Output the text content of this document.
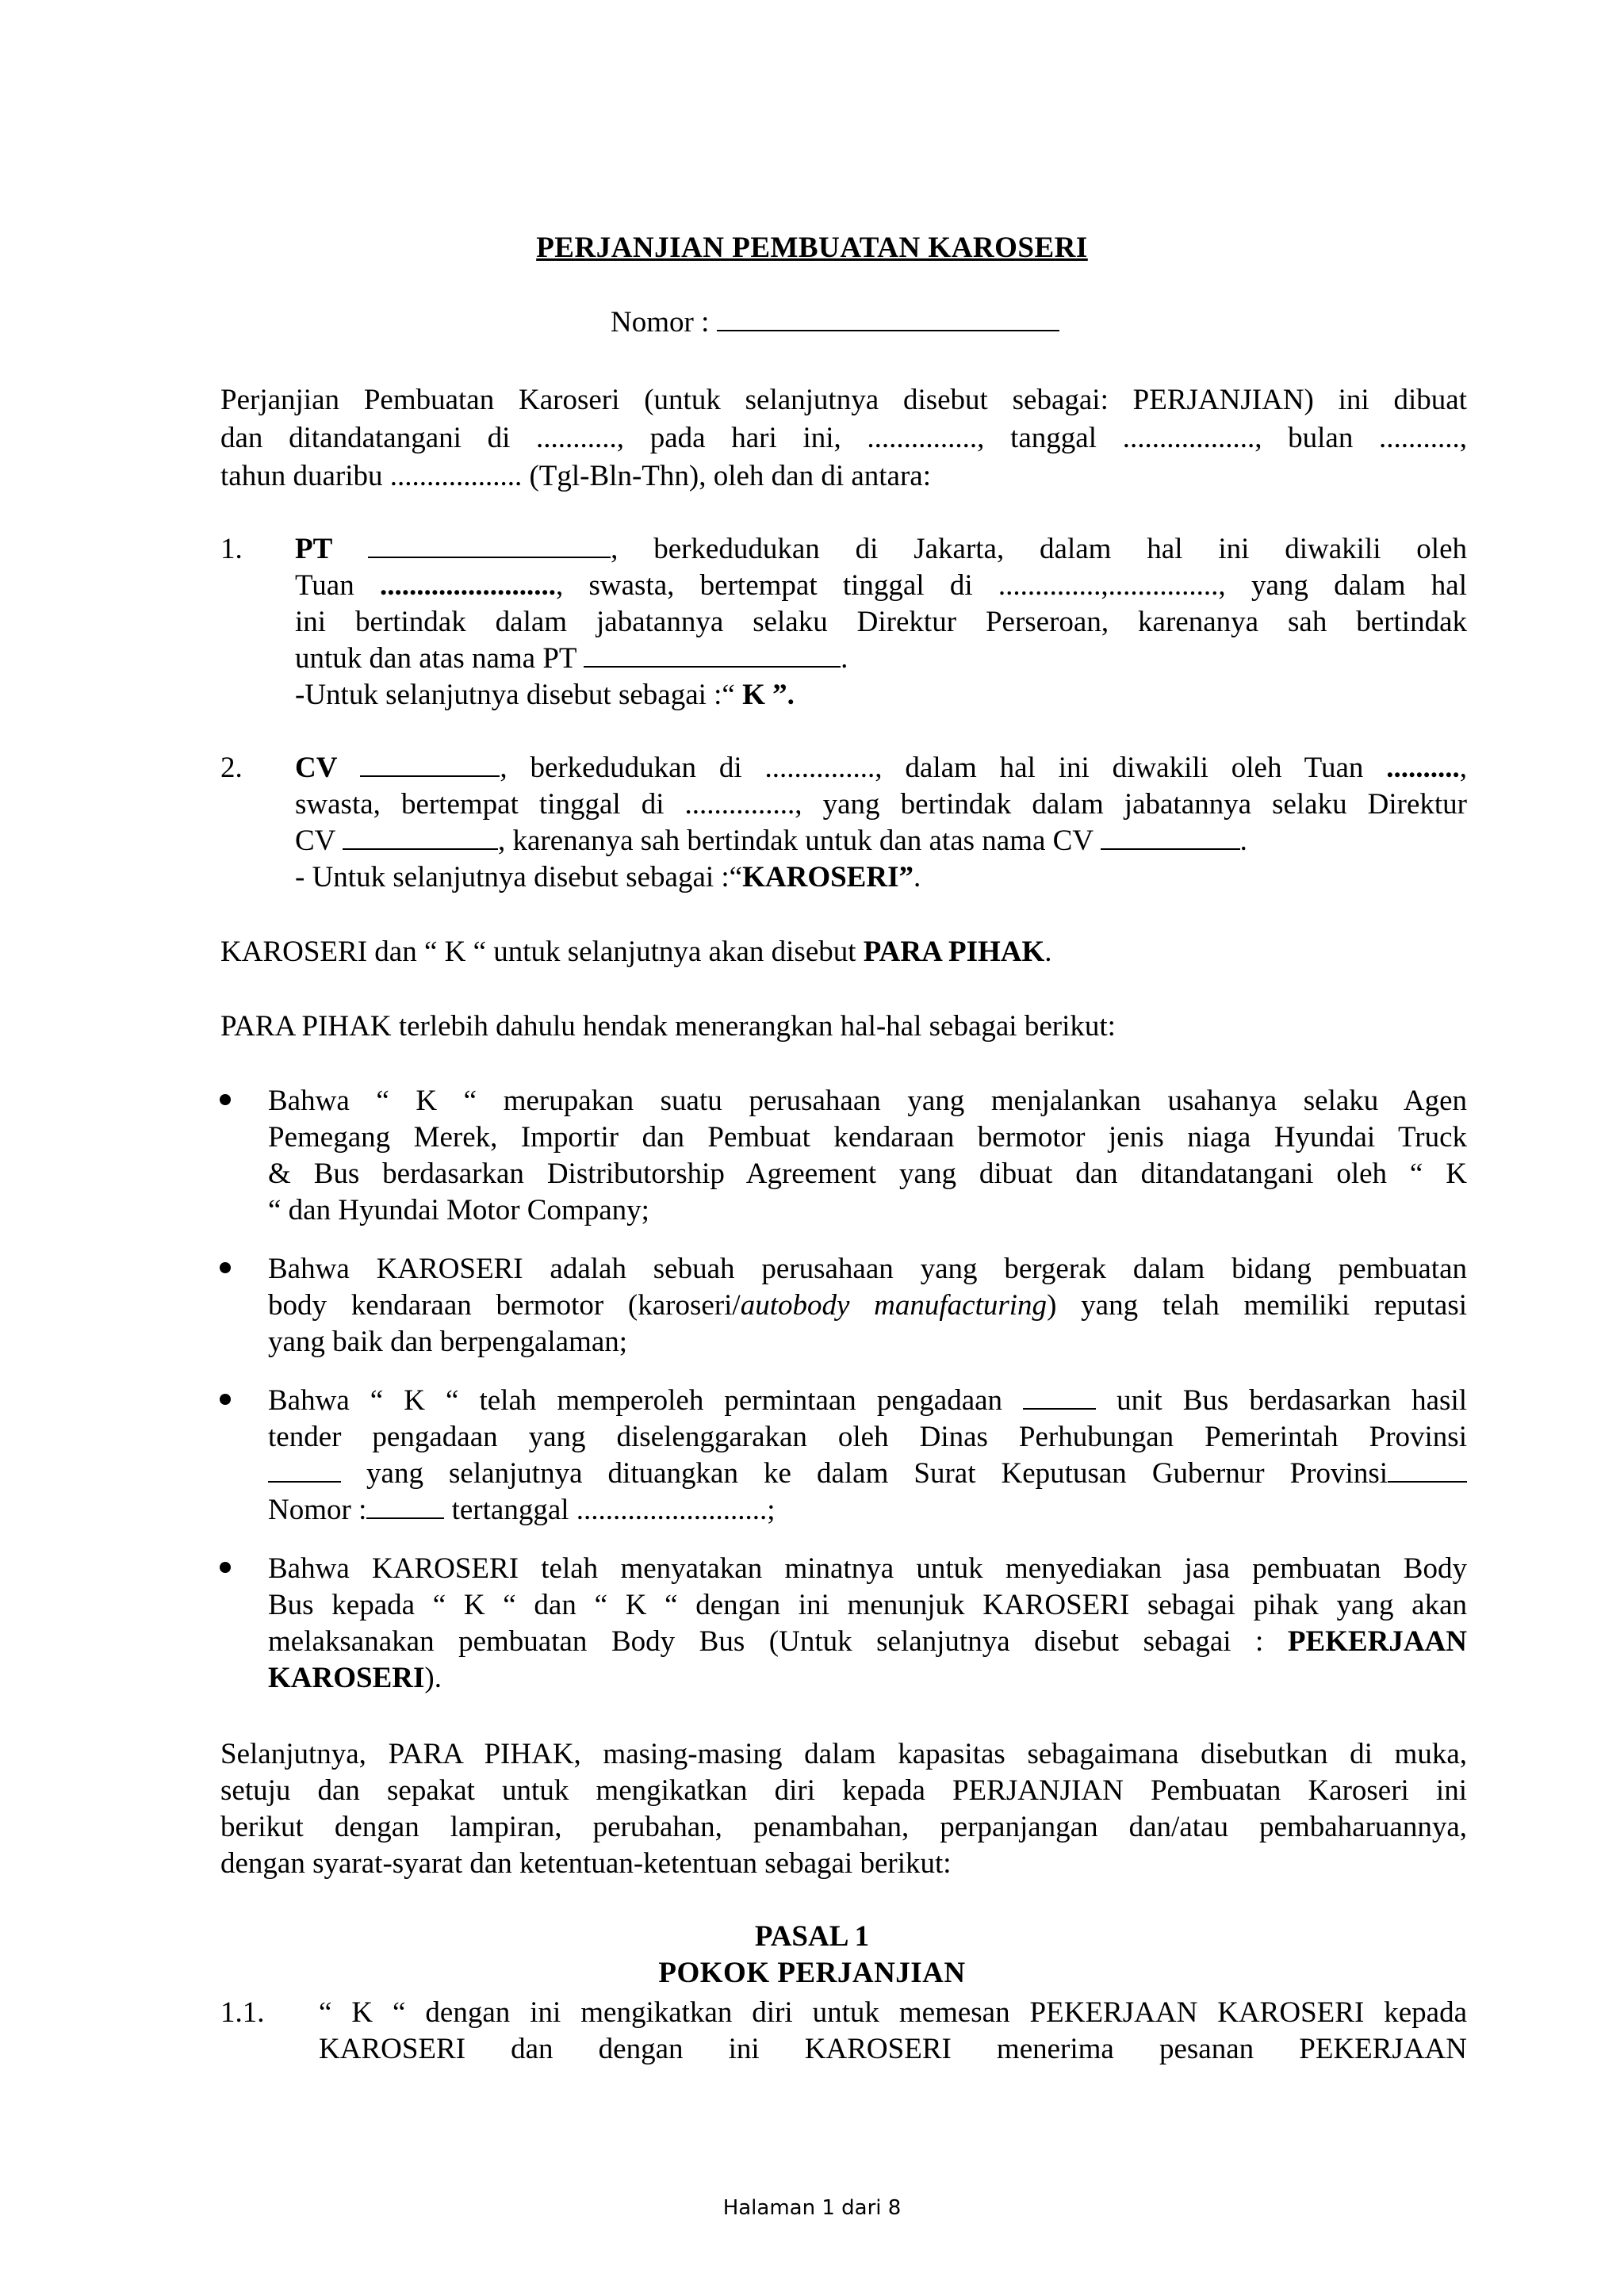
PERJANJIAN PEMBUATAN KAROSERI
Nomor :
Perjanjian Pembuatan Karoseri (untuk selanjutnya disebut sebagai: PERJANJIAN) ini dibuat
dan ditandatangani di ..........., pada hari ini, ..............., tanggal .................., bulan ...........,
tahun duaribu .................. (Tgl-Bln-Thn), oleh dan di antara:
1. PT	, berkedudukan di Jakarta, dalam hal ini diwakili oleh
Tuan ........................, swasta, bertempat tinggal di ..............,..............., yang dalam hal
ini bertindak dalam jabatannya selaku Direktur Perseroan, karenanya sah bertindak
untuk dan atas nama PT	.
-Untuk selanjutnya disebut sebagai :“ K ”.
2. CV	, berkedudukan di ..............., dalam hal ini diwakili oleh Tuan ..........,
swasta, bertempat tinggal di ..............., yang bertindak dalam jabatannya selaku Direktur
CV	, karenanya sah bertindak untuk dan atas nama CV	.
- Untuk selanjutnya disebut sebagai :“KAROSERI”.
KAROSERI dan “ K “ untuk selanjutnya akan disebut PARA PIHAK.
PARA PIHAK terlebih dahulu hendak menerangkan hal-hal sebagai berikut:
Bahwa “ K “ merupakan suatu perusahaan yang menjalankan usahanya selaku Agen
Pemegang Merek, Importir dan Pembuat kendaraan bermotor jenis niaga Hyundai Truck
& Bus berdasarkan Distributorship Agreement yang dibuat dan ditandatangani oleh “ K
“ dan Hyundai Motor Company;
Bahwa KAROSERI adalah sebuah perusahaan yang bergerak dalam bidang pembuatan
body kendaraan bermotor (karoseri/autobody manufacturing) yang telah memiliki reputasi
yang baik dan berpengalaman;
Bahwa “ K “ telah memperoleh permintaan pengadaan	unit Bus berdasarkan hasil
tender pengadaan yang diselenggarakan oleh Dinas Perhubungan Pemerintah Provinsi
yang selanjutnya dituangkan ke dalam Surat Keputusan Gubernur Provinsi
Nomor :	tertanggal ..........................;
Bahwa KAROSERI telah menyatakan minatnya untuk menyediakan jasa pembuatan Body
Bus kepada “ K “ dan “ K “ dengan ini menunjuk KAROSERI sebagai pihak yang akan
melaksanakan pembuatan Body Bus (Untuk selanjutnya disebut sebagai : PEKERJAAN
KAROSERI).
Selanjutnya, PARA PIHAK, masing-masing dalam kapasitas sebagaimana disebutkan di muka,
setuju dan sepakat untuk mengikatkan diri kepada PERJANJIAN Pembuatan Karoseri ini
berikut dengan lampiran, perubahan, penambahan, perpanjangan dan/atau pembaharuannya,
dengan syarat-syarat dan ketentuan-ketentuan sebagai berikut:
PASAL 1
POKOK PERJANJIAN
1.1. “ K “ dengan ini mengikatkan diri untuk memesan PEKERJAAN KAROSERI kepada
KAROSERI dan dengan ini KAROSERI menerima pesanan PEKERJAAN
Halaman 1 dari 8
